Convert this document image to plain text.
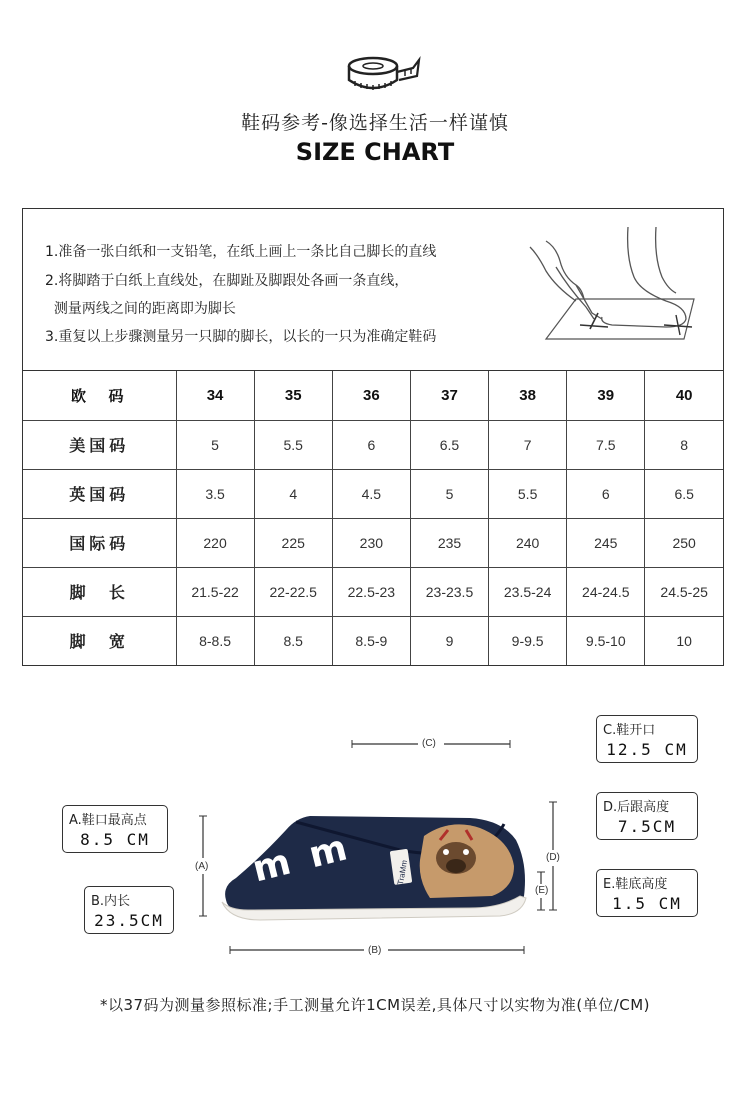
鞋码参考-像选择生活一样谨慎
SIZE CHART
1.准备一张白纸和一支铅笔，在纸上画上一条比自己脚长的直线
2.将脚踏于白纸上直线处，在脚趾及脚跟处各画一条直线，
测量两线之间的距离即为脚长
3.重复以上步骤测量另一只脚的脚长，以长的一只为准确定鞋码
欧  码	34	35	36	37	38	39	40
美国码	5	5.5	6	6.5	7	7.5	8
英国码	3.5	4	4.5	5	5.5	6	6.5
国际码	220	225	230	235	240	245	250
脚  长	21.5-22	22-22.5	22.5-23	23-23.5	23.5-24	24-24.5	24.5-25
脚  宽	8-8.5	8.5	8.5-9	9	9-9.5	9.5-10	10
m m	TraMm
(C)
(A)
(B)
(D)
(E)
A.鞋口最高点
8.5 CM
B.内长
23.5CM
C.鞋开口
12.5 CM
D.后跟高度
7.5CM
E.鞋底高度
1.5 CM
*以37码为测量参照标准;手工测量允许1CM误差,具体尺寸以实物为准(单位/CM)
